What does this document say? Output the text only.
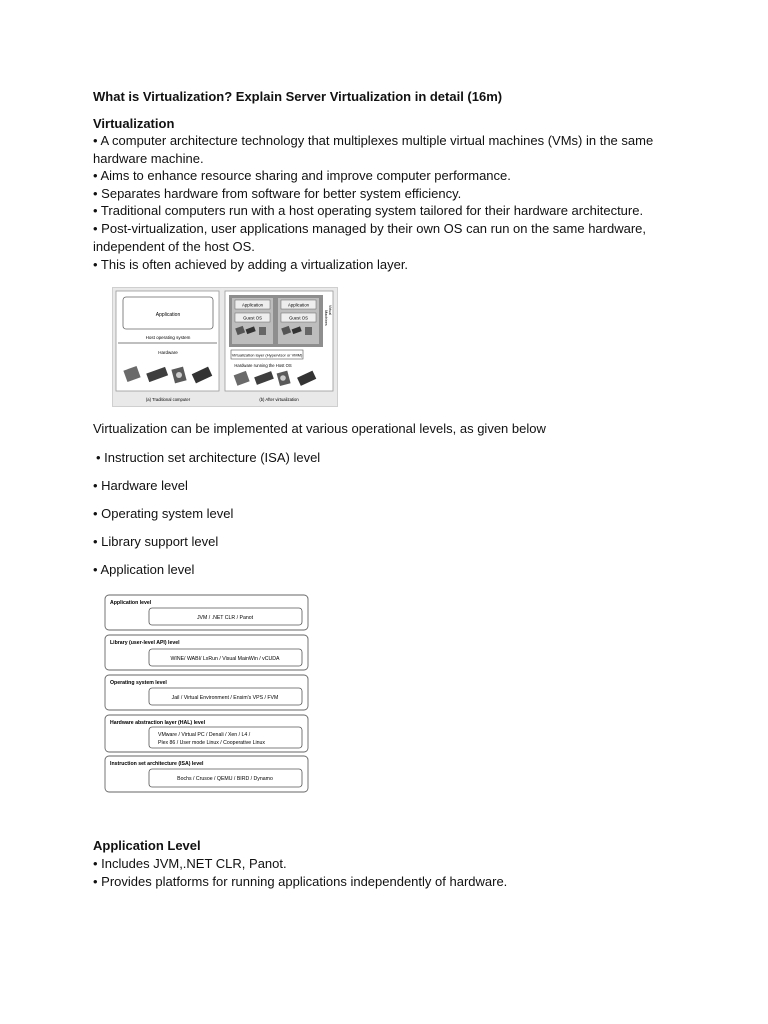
What is Virtualization? Explain Server Virtualization in detail (16m)
Virtualization
• A computer architecture technology that multiplexes multiple virtual machines (VMs) in the same hardware machine.
• Aims to enhance resource sharing and improve computer performance.
• Separates hardware from software for better system efficiency.
• Traditional computers run with a host operating system tailored for their hardware architecture.
• Post-virtualization, user applications managed by their own OS can run on the same hardware, independent of the host OS.
• This is often achieved by adding a virtualization layer.
Application
Host operating system
Hardware
(a) Traditional computer
Application	Application
Guest OS	Guest OS
Virtual
Machines
Virtualization layer (Hypervisor or VMM)
Hardware running the Host OS
(b) After virtualization
Virtualization can be implemented at various operational levels, as given below
• Instruction set architecture (ISA) level
• Hardware level
• Operating system level
• Library support level
• Application level
Application level
JVM / .NET CLR / Panot
Library (user-level API) level
WINE/ WABI/ LxRun / Visual MainWin / vCUDA
Operating system level
Jail / Virtual Environment / Ensim's VPS / FVM
Hardware abstraction layer (HAL) level
VMware / Virtual PC / Denali / Xen / L4 /
Plex 86 / User mode Linux / Cooperative Linux
Instruction set architecture (ISA) level
Bochs / Crusoe / QEMU / BIRD / Dynamo
Application Level
• Includes JVM,.NET CLR, Panot.
• Provides platforms for running applications independently of hardware.
